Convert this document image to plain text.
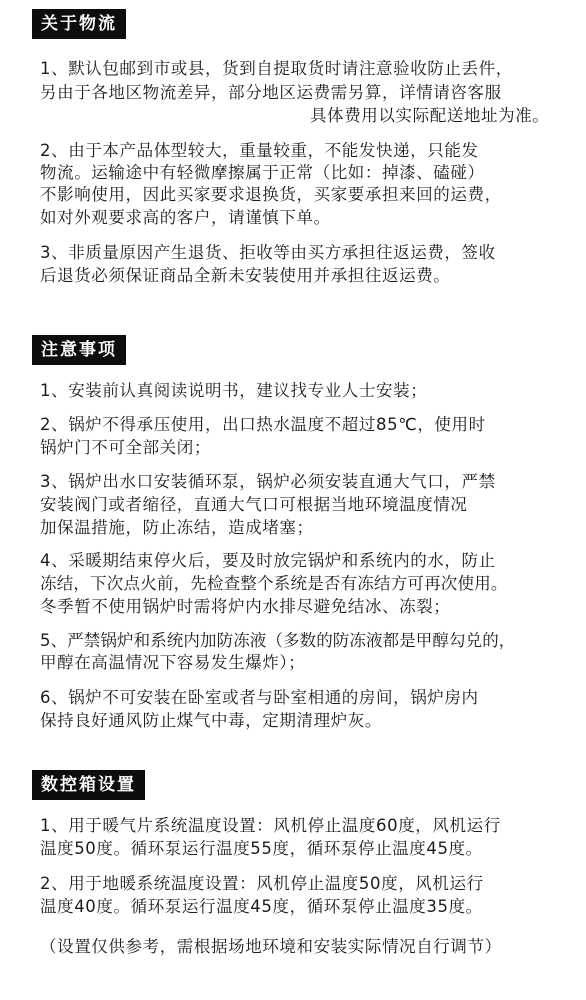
关于物流
1、默认包邮到市或县，货到自提取货时请注意验收防止丢件，
另由于各地区物流差异，部分地区运费需另算，详情请咨客服
具体费用以实际配送地址为准。
2、由于本产品体型较大，重量较重，不能发快递，只能发
物流。运输途中有轻微摩擦属于正常（比如：掉漆、磕碰）
不影响使用，因此买家要求退换货，买家要承担来回的运费，
如对外观要求高的客户，请谨慎下单。
3、非质量原因产生退货、拒收等由买方承担往返运费，签收
后退货必须保证商品全新未安装使用并承担往返运费。
注意事项
1、安装前认真阅读说明书，建议找专业人士安装；
2、锅炉不得承压使用，出口热水温度不超过85℃，使用时
锅炉门不可全部关闭；
3、锅炉出水口安装循环泵，锅炉必须安装直通大气口，严禁
安装阀门或者缩径，直通大气口可根据当地环境温度情况
加保温措施，防止冻结，造成堵塞；
4、采暖期结束停火后，要及时放完锅炉和系统内的水，防止
冻结，下次点火前，先检查整个系统是否有冻结方可再次使用。
冬季暂不使用锅炉时需将炉内水排尽避免结冰、冻裂；
5、严禁锅炉和系统内加防冻液（多数的防冻液都是甲醇勾兑的，
甲醇在高温情况下容易发生爆炸）；
6、锅炉不可安装在卧室或者与卧室相通的房间，锅炉房内
保持良好通风防止煤气中毒，定期清理炉灰。
数控箱设置
1、用于暖气片系统温度设置：风机停止温度60度，风机运行
温度50度。循环泵运行温度55度，循环泵停止温度45度。
2、用于地暖系统温度设置：风机停止温度50度，风机运行
温度40度。循环泵运行温度45度，循环泵停止温度35度。
（设置仅供参考，需根据场地环境和安装实际情况自行调节）
